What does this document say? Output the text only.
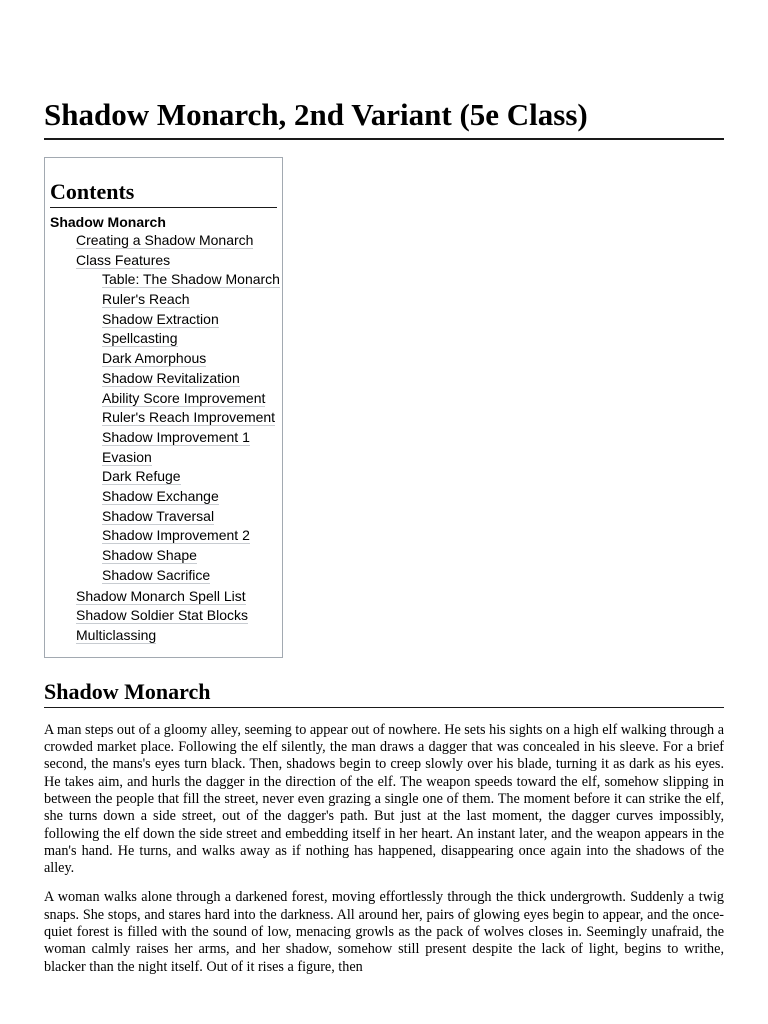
Shadow Monarch, 2nd Variant (5e Class)
Contents
Shadow Monarch
Creating a Shadow Monarch
Class Features
Table: The Shadow Monarch
Ruler's Reach
Shadow Extraction
Spellcasting
Dark Amorphous
Shadow Revitalization
Ability Score Improvement
Ruler's Reach Improvement
Shadow Improvement 1
Evasion
Dark Refuge
Shadow Exchange
Shadow Traversal
Shadow Improvement 2
Shadow Shape
Shadow Sacrifice
Shadow Monarch Spell List
Shadow Soldier Stat Blocks
Multiclassing
Shadow Monarch

A man steps out of a gloomy alley, seeming to appear out of nowhere. He sets his sights on a high elf walking through a crowded market place. Following the elf silently, the man draws a dagger that was concealed in his sleeve. For a brief second, the mans's eyes turn black. Then, shadows begin to creep slowly over his blade, turning it as dark as his eyes. He takes aim, and hurls the dagger in the direction of the elf. The weapon speeds toward the elf, somehow slipping in between the people that fill the street, never even grazing a single one of them. The moment before it can strike the elf, she turns down a side street, out of the dagger's path. But just at the last moment, the dagger curves impossibly, following the elf down the side street and embedding itself in her heart. An instant later, and the weapon appears in the man's hand. He turns, and walks away as if nothing has happened, disappearing once again into the shadows of the alley.

A woman walks alone through a darkened forest, moving effortlessly through the thick undergrowth. Suddenly a twig snaps. She stops, and stares hard into the darkness. All around her, pairs of glowing eyes begin to appear, and the once-quiet forest is filled with the sound of low, menacing growls as the pack of wolves closes in. Seemingly unafraid, the woman calmly raises her arms, and her shadow, somehow still present despite the lack of light, begins to writhe, blacker than the night itself. Out of it rises a figure, then
